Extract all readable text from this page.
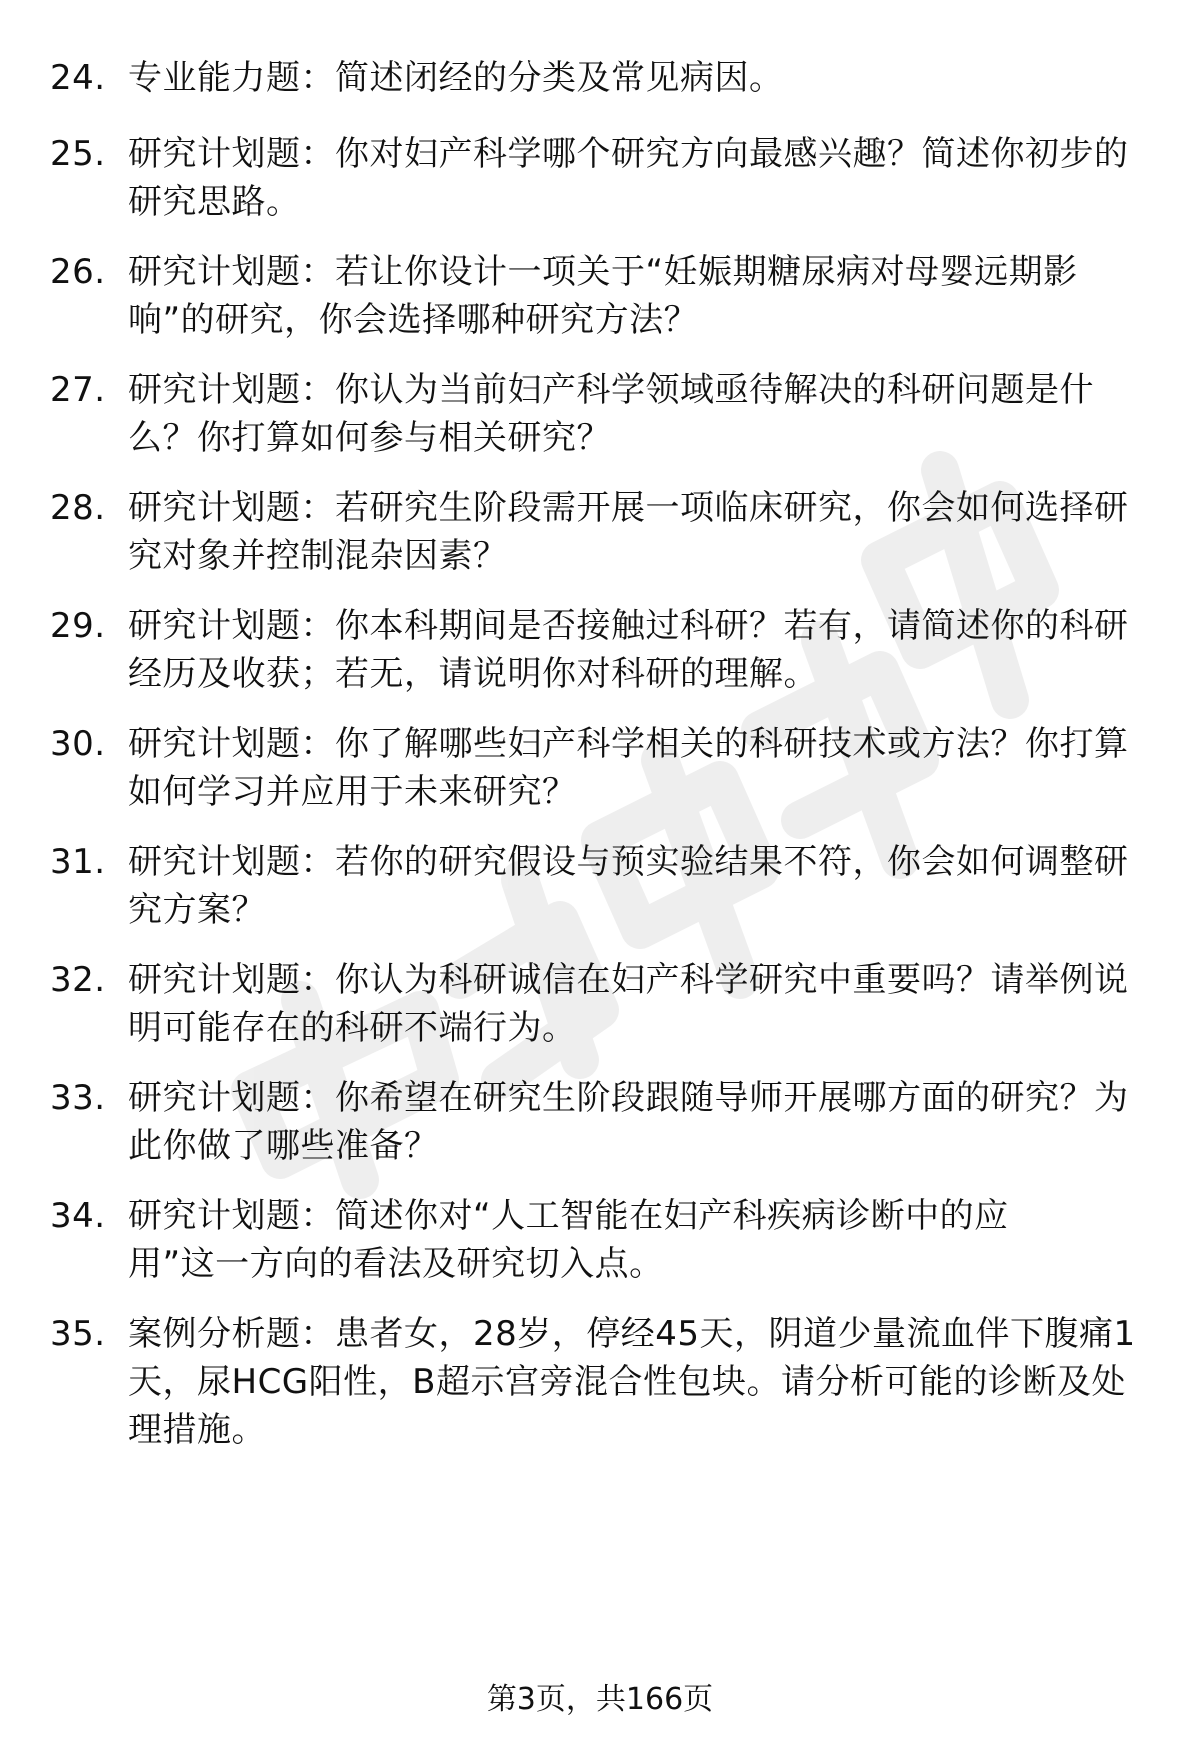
24. 专业能力题：简述闭经的分类及常见病因。
25. 研究计划题：你对妇产科学哪个研究方向最感兴趣？简述你初步的研究思路。
26. 研究计划题：若让你设计一项关于“妊娠期糖尿病对母婴远期影响”的研究，你会选择哪种研究方法？
27. 研究计划题：你认为当前妇产科学领域亟待解决的科研问题是什么？你打算如何参与相关研究？
28. 研究计划题：若研究生阶段需开展一项临床研究，你会如何选择研究对象并控制混杂因素？
29. 研究计划题：你本科期间是否接触过科研？若有，请简述你的科研经历及收获；若无，请说明你对科研的理解。
30. 研究计划题：你了解哪些妇产科学相关的科研技术或方法？你打算如何学习并应用于未来研究？
31. 研究计划题：若你的研究假设与预实验结果不符，你会如何调整研究方案？
32. 研究计划题：你认为科研诚信在妇产科学研究中重要吗？请举例说明可能存在的科研不端行为。
33. 研究计划题：你希望在研究生阶段跟随导师开展哪方面的研究？为此你做了哪些准备？
34. 研究计划题：简述你对“人工智能在妇产科疾病诊断中的应用”这一方向的看法及研究切入点。
35. 案例分析题：患者女，28岁，停经45天，阴道少量流血伴下腹痛1天，尿HCG阳性，B超示宫旁混合性包块。请分析可能的诊断及处理措施。
第3页，共166页
